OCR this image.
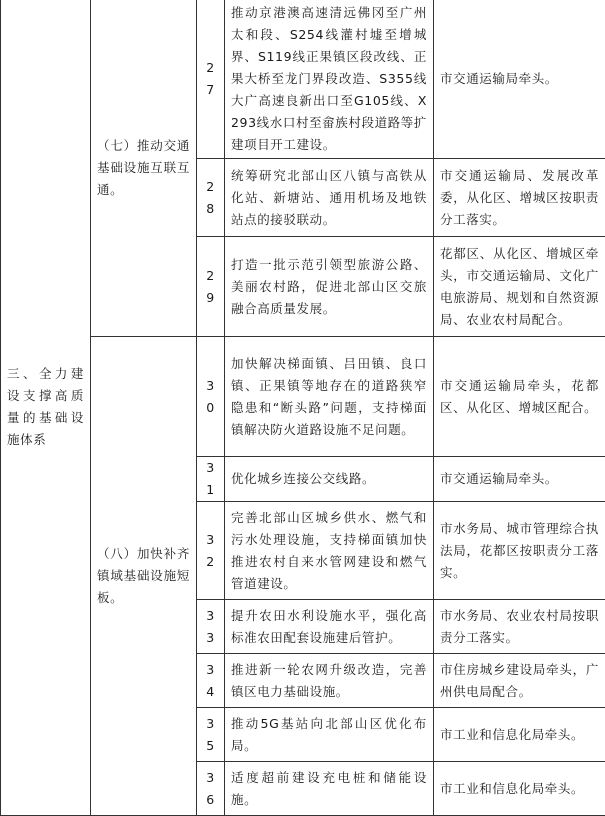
三、全力建设支撑高质量的基础设施体系	（七）推动交通基础设施互联互通。	27	推动京港澳高速清远佛冈至广州太和段、S254线灌村墟至增城界、S119线正果镇区段改线、正果大桥至龙门界段改造、S355线大广高速良新出口至G105线、X293线水口村至畲族村段道路等扩建项目开工建设。	市交通运输局牵头。
		28	统筹研究北部山区八镇与高铁从化站、新塘站、通用机场及地铁站点的接驳联动。	市交通运输局、发展改革委，从化区、增城区按职责分工落实。
		29	打造一批示范引领型旅游公路、美丽农村路，促进北部山区交旅融合高质量发展。	花都区、从化区、增城区牵头，市交通运输局、文化广电旅游局、规划和自然资源局、农业农村局配合。
	（八）加快补齐镇域基础设施短板。	30	加快解决梯面镇、吕田镇、良口镇、正果镇等地存在的道路狭窄隐患和“断头路”问题，支持梯面镇解决防火道路设施不足问题。	市交通运输局牵头，花都区、从化区、增城区配合。
		31	优化城乡连接公交线路。	市交通运输局牵头。
		32	完善北部山区城乡供水、燃气和污水处理设施，支持梯面镇加快推进农村自来水管网建设和燃气管道建设。	市水务局、城市管理综合执法局，花都区按职责分工落实。
		33	提升农田水利设施水平，强化高标准农田配套设施建后管护。	市水务局、农业农村局按职责分工落实。
		34	推进新一轮农网升级改造，完善镇区电力基础设施。	市住房城乡建设局牵头，广州供电局配合。
		35	推动5G基站向北部山区优化布局。	市工业和信息化局牵头。
		36	适度超前建设充电桩和储能设施。	市工业和信息化局牵头。
